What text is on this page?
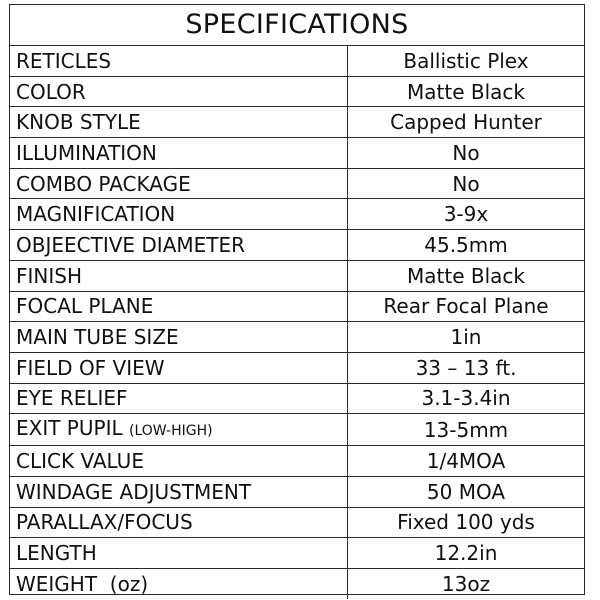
SPECIFICATIONS
RETICLES	Ballistic Plex
COLOR	Matte Black
KNOB STYLE	Capped Hunter
ILLUMINATION	No
COMBO PACKAGE	No
MAGNIFICATION	3-9x
OBJEECTIVE DIAMETER	45.5mm
FINISH	Matte Black
FOCAL PLANE	Rear Focal Plane
MAIN TUBE SIZE	1in
FIELD OF VIEW	33 – 13 ft.
EYE RELIEF	3.1-3.4in
EXIT PUPIL (LOW-HIGH)	13-5mm
CLICK VALUE	1/4MOA
WINDAGE ADJUSTMENT	50 MOA
PARALLAX/FOCUS	Fixed 100 yds
LENGTH	12.2in
WEIGHT  (oz)	13oz
